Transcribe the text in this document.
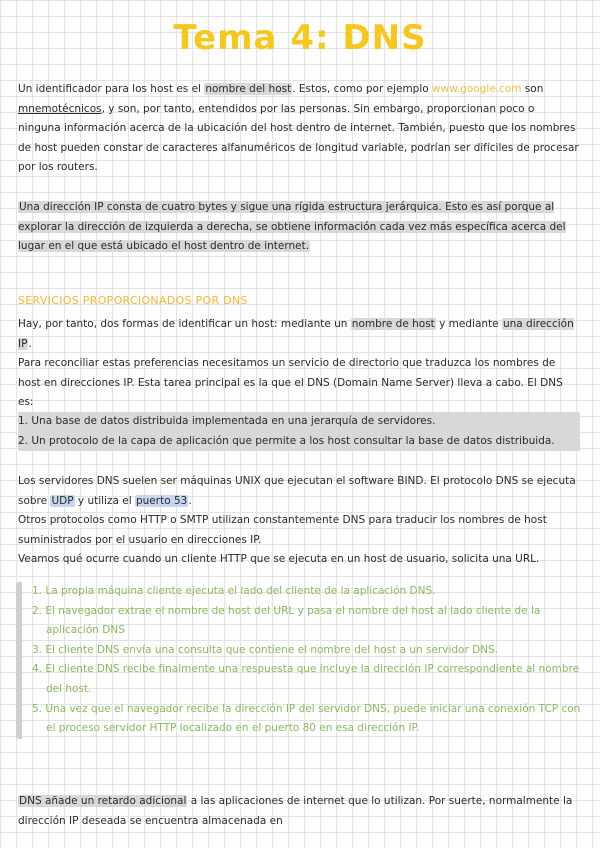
Tema 4: DNS

Un identificador para los host es el nombre del host. Estos, como por ejemplo www.google.com son mnemotécnicos, y son, por tanto, entendidos por las personas. Sin embargo, proporcionan poco o ninguna información acerca de la ubicación del host dentro de internet. También, puesto que los nombres de host pueden constar de caracteres alfanuméricos de longitud variable, podrían ser difíciles de procesar por los routers.

Una dirección IP consta de cuatro bytes y sigue una rígida estructura jerárquica. Esto es así porque al explorar la dirección de izquierda a derecha, se obtiene información cada vez más específica acerca del lugar en el que está ubicado el host dentro de internet.

SERVICIOS PROPORCIONADOS POR DNS

Hay, por tanto, dos formas de identificar un host: mediante un nombre de host y mediante una dirección IP.

Para reconciliar estas preferencias necesitamos un servicio de directorio que traduzca los nombres de host en direcciones IP. Esta tarea principal es la que el DNS (Domain Name Server) lleva a cabo. El DNS es:

1. Una base de datos distribuida implementada en una jerarquía de servidores.
2. Un protocolo de la capa de aplicación que permite a los host consultar la base de datos distribuida.

Los servidores DNS suelen ser máquinas UNIX que ejecutan el software BIND. El protocolo DNS se ejecuta sobre UDP y utiliza el puerto 53.

Otros protocolos como HTTP o SMTP utilizan constantemente DNS para traducir los nombres de host suministrados por el usuario en direcciones IP.

Veamos qué ocurre cuando un cliente HTTP que se ejecuta en un host de usuario, solicita una URL.

1. La propia máquina cliente ejecuta el lado del cliente de la aplicación DNS.
2. El navegador extrae el nombre de host del URL y pasa el nombre del host al lado cliente de la aplicación DNS
3. El cliente DNS envía una consulta que contiene el nombre del host a un servidor DNS.
4. El cliente DNS recibe finalmente una respuesta que incluye la dirección IP correspondiente al nombre del host.
5. Una vez que el navegador recibe la dirección IP del servidor DNS, puede iniciar una conexión TCP con el proceso servidor HTTP localizado en el puerto 80 en esa dirección IP.

DNS añade un retardo adicional a las aplicaciones de internet que lo utilizan. Por suerte, normalmente la dirección IP deseada se encuentra almacenada en
